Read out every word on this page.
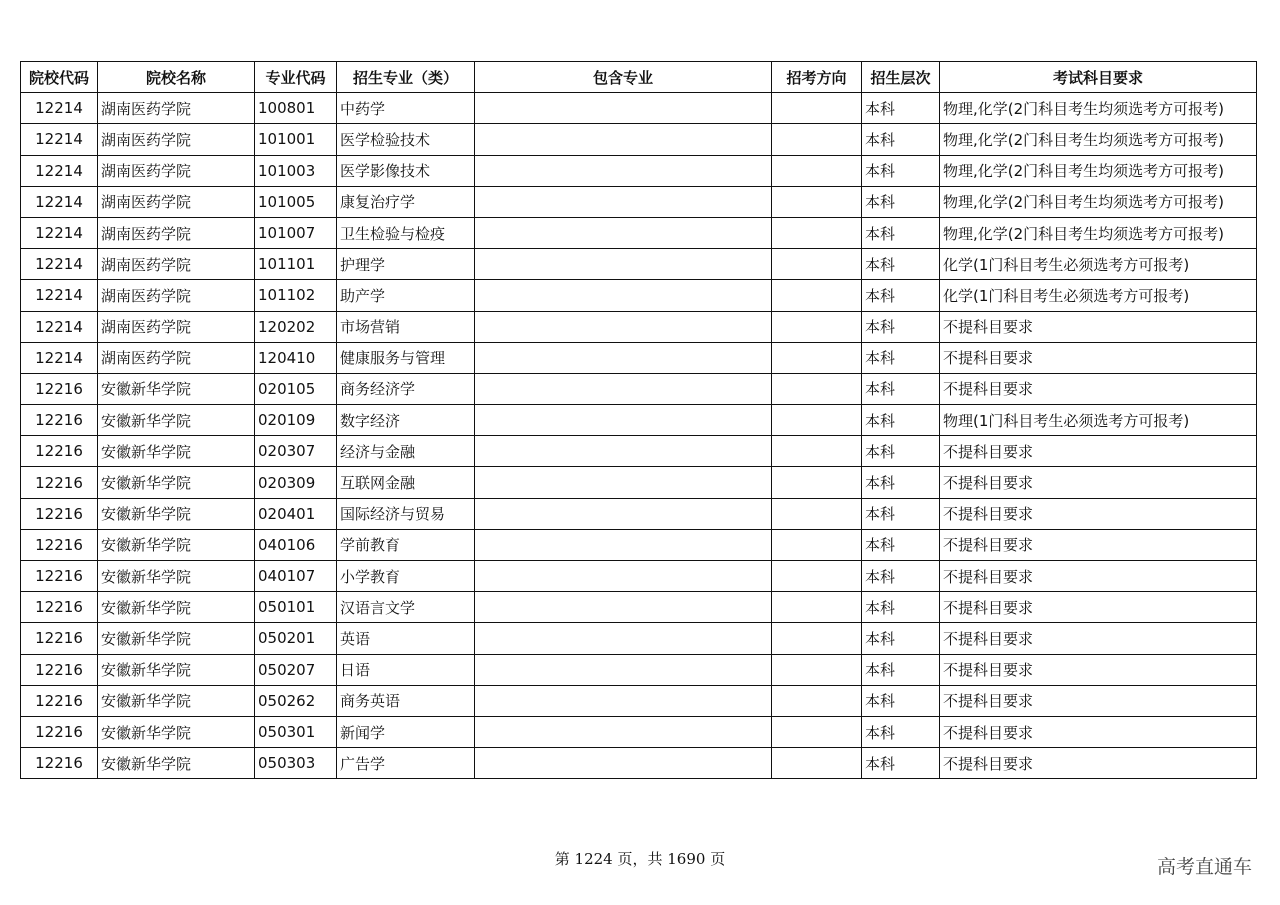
院校代码	院校名称	专业代码	招生专业（类）	包含专业	招考方向	招生层次	考试科目要求
12214	湖南医药学院	100801	中药学			本科	物理,化学(2门科目考生均须选考方可报考)
12214	湖南医药学院	101001	医学检验技术			本科	物理,化学(2门科目考生均须选考方可报考)
12214	湖南医药学院	101003	医学影像技术			本科	物理,化学(2门科目考生均须选考方可报考)
12214	湖南医药学院	101005	康复治疗学			本科	物理,化学(2门科目考生均须选考方可报考)
12214	湖南医药学院	101007	卫生检验与检疫			本科	物理,化学(2门科目考生均须选考方可报考)
12214	湖南医药学院	101101	护理学			本科	化学(1门科目考生必须选考方可报考)
12214	湖南医药学院	101102	助产学			本科	化学(1门科目考生必须选考方可报考)
12214	湖南医药学院	120202	市场营销			本科	不提科目要求
12214	湖南医药学院	120410	健康服务与管理			本科	不提科目要求
12216	安徽新华学院	020105	商务经济学			本科	不提科目要求
12216	安徽新华学院	020109	数字经济			本科	物理(1门科目考生必须选考方可报考)
12216	安徽新华学院	020307	经济与金融			本科	不提科目要求
12216	安徽新华学院	020309	互联网金融			本科	不提科目要求
12216	安徽新华学院	020401	国际经济与贸易			本科	不提科目要求
12216	安徽新华学院	040106	学前教育			本科	不提科目要求
12216	安徽新华学院	040107	小学教育			本科	不提科目要求
12216	安徽新华学院	050101	汉语言文学			本科	不提科目要求
12216	安徽新华学院	050201	英语			本科	不提科目要求
12216	安徽新华学院	050207	日语			本科	不提科目要求
12216	安徽新华学院	050262	商务英语			本科	不提科目要求
12216	安徽新华学院	050301	新闻学			本科	不提科目要求
12216	安徽新华学院	050303	广告学			本科	不提科目要求
第 1224 页，共 1690 页	高考直通车
